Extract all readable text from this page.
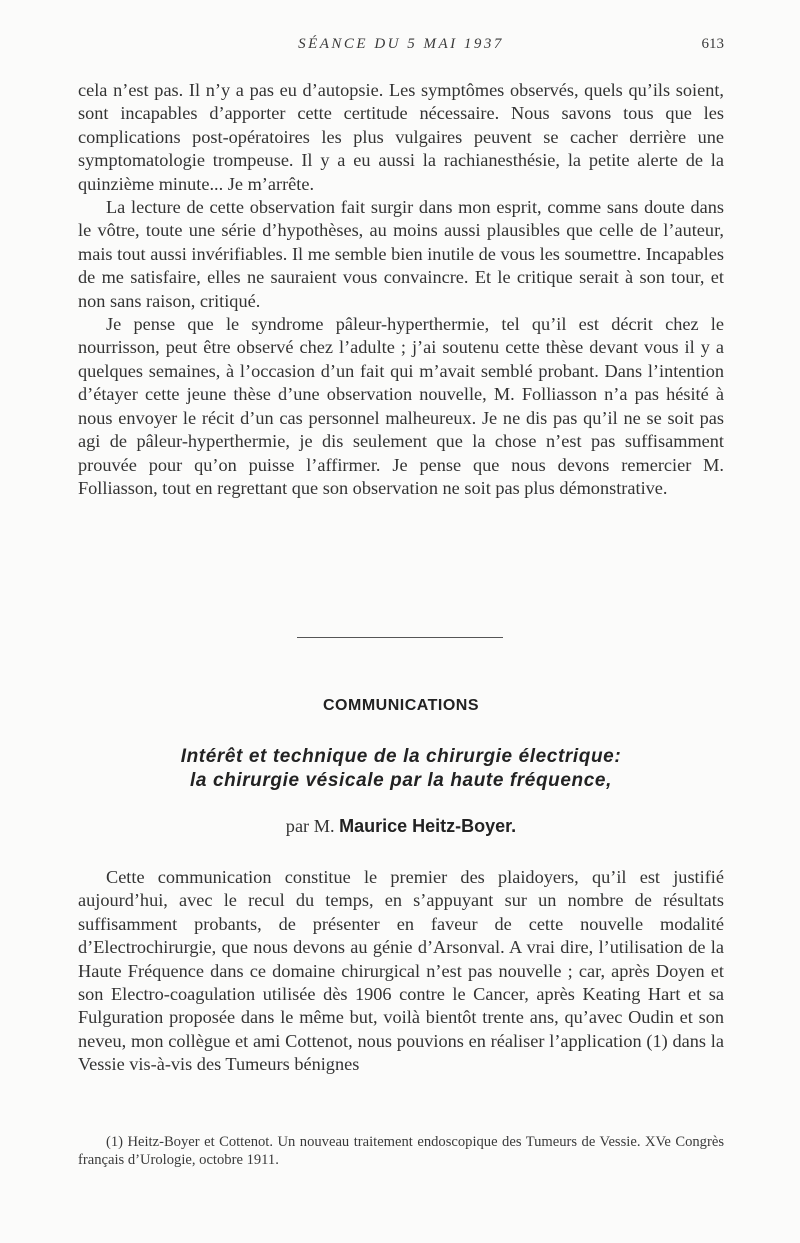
SÉANCE DU 5 MAI 1937	613

cela n’est pas. Il n’y a pas eu d’autopsie. Les symptômes observés, quels qu’ils soient, sont incapables d’apporter cette certitude nécessaire. Nous savons tous que les complications post-opératoires les plus vulgaires peuvent se cacher derrière une symptomatologie trompeuse. Il y a eu aussi la rachianesthésie, la petite alerte de la quinzième minute... Je m’arrête.

La lecture de cette observation fait surgir dans mon esprit, comme sans doute dans le vôtre, toute une série d’hypothèses, au moins aussi plausibles que celle de l’auteur, mais tout aussi invérifiables. Il me semble bien inutile de vous les soumettre. Incapables de me satisfaire, elles ne sauraient vous convaincre. Et le critique serait à son tour, et non sans raison, critiqué.

Je pense que le syndrome pâleur-hyperthermie, tel qu’il est décrit chez le nourrisson, peut être observé chez l’adulte ; j’ai soutenu cette thèse devant vous il y a quelques semaines, à l’occasion d’un fait qui m’avait semblé probant. Dans l’intention d’étayer cette jeune thèse d’une observation nouvelle, M. Folliasson n’a pas hésité à nous envoyer le récit d’un cas personnel malheureux. Je ne dis pas qu’il ne se soit pas agi de pâleur-hyperthermie, je dis seulement que la chose n’est pas suffisamment prouvée pour qu’on puisse l’affirmer. Je pense que nous devons remercier M. Folliasson, tout en regrettant que son observation ne soit pas plus démonstrative.

COMMUNICATIONS
Intérêt et technique de la chirurgie électrique:
la chirurgie vésicale par la haute fréquence,
par M. Maurice Heitz-Boyer.

Cette communication constitue le premier des plaidoyers, qu’il est justifié aujourd’hui, avec le recul du temps, en s’appuyant sur un nombre de résultats suffisamment probants, de présenter en faveur de cette nouvelle modalité d’Electrochirurgie, que nous devons au génie d’Arsonval. A vrai dire, l’utilisation de la Haute Fréquence dans ce domaine chirurgical n’est pas nouvelle ; car, après Doyen et son Electro-coagulation utilisée dès 1906 contre le Cancer, après Keating Hart et sa Fulguration proposée dans le même but, voilà bientôt trente ans, qu’avec Oudin et son neveu, mon collègue et ami Cottenot, nous pouvions en réaliser l’application (1) dans la Vessie vis-à-vis des Tumeurs bénignes

(1) Heitz-Boyer et Cottenot. Un nouveau traitement endoscopique des Tumeurs de Vessie. XVe Congrès français d’Urologie, octobre 1911.
